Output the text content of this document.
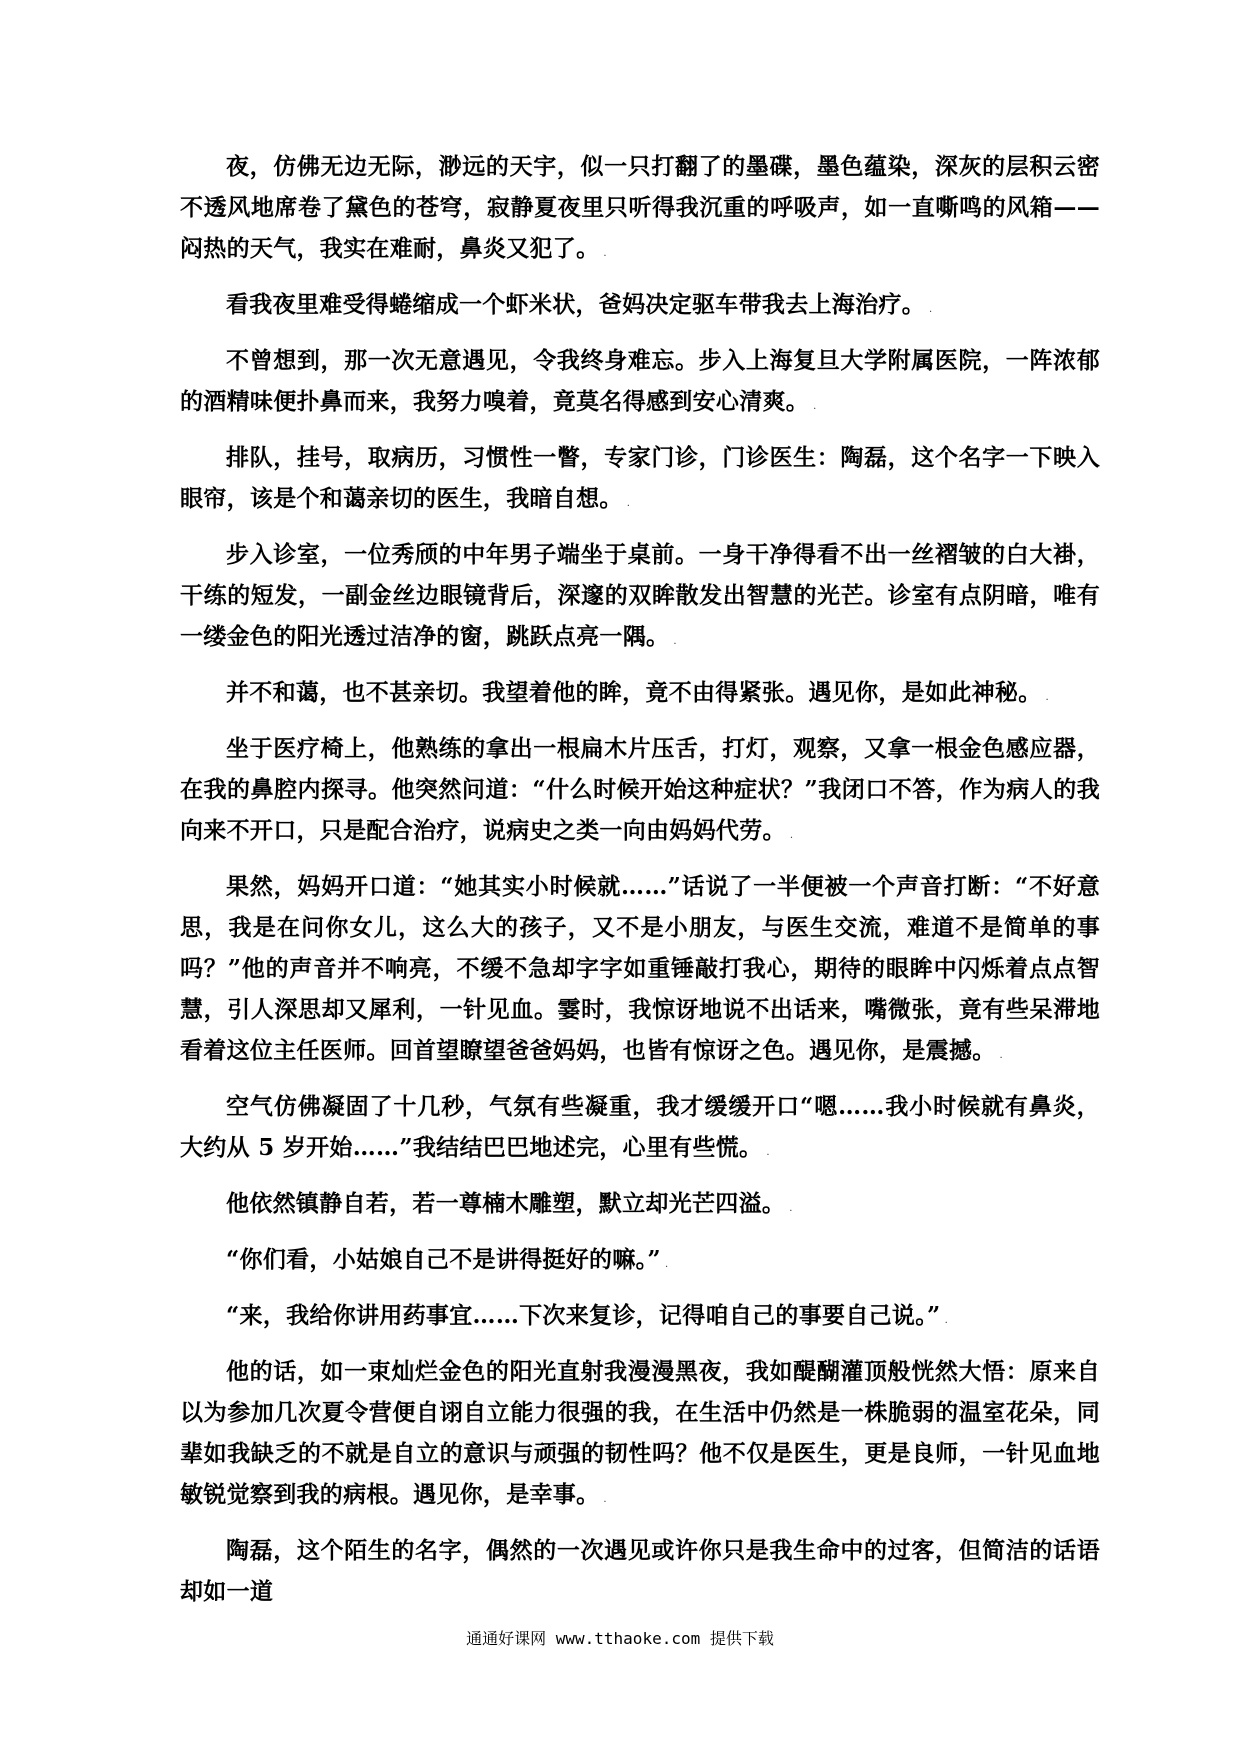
夜，仿佛无边无际，渺远的天宇，似一只打翻了的墨碟，墨色蕴染，深灰的层积云密不透风地席卷了黛色的苍穹，寂静夏夜里只听得我沉重的呼吸声，如一直嘶鸣的风箱——闷热的天气，我实在难耐，鼻炎又犯了。 .

看我夜里难受得蜷缩成一个虾米状，爸妈决定驱车带我去上海治疗。 .

不曾想到，那一次无意遇见，令我终身难忘。步入上海复旦大学附属医院，一阵浓郁的酒精味便扑鼻而来，我努力嗅着，竟莫名得感到安心清爽。 .

排队，挂号，取病历，习惯性一瞥，专家门诊，门诊医生：陶磊，这个名字一下映入眼帘，该是个和蔼亲切的医生，我暗自想。 .

步入诊室，一位秀颀的中年男子端坐于桌前。一身干净得看不出一丝褶皱的白大褂，干练的短发，一副金丝边眼镜背后，深邃的双眸散发出智慧的光芒。诊室有点阴暗，唯有一缕金色的阳光透过洁净的窗，跳跃点亮一隅。 .

并不和蔼，也不甚亲切。我望着他的眸，竟不由得紧张。遇见你，是如此神秘。 .

坐于医疗椅上，他熟练的拿出一根扁木片压舌，打灯，观察，又拿一根金色感应器，在我的鼻腔内探寻。他突然问道：“什么时候开始这种症状？”我闭口不答，作为病人的我向来不开口，只是配合治疗，说病史之类一向由妈妈代劳。 .

果然，妈妈开口道：“她其实小时候就……”话说了一半便被一个声音打断：“不好意思，我是在问你女儿，这么大的孩子，又不是小朋友，与医生交流，难道不是简单的事吗？”他的声音并不响亮，不缓不急却字字如重锤敲打我心，期待的眼眸中闪烁着点点智慧，引人深思却又犀利，一针见血。霎时，我惊讶地说不出话来，嘴微张，竟有些呆滞地看着这位主任医师。回首望瞭望爸爸妈妈，也皆有惊讶之色。遇见你，是震撼。 .

空气仿佛凝固了十几秒，气氛有些凝重，我才缓缓开口“嗯……我小时候就有鼻炎，大约从 5 岁开始……”我结结巴巴地述完，心里有些慌。 .

他依然镇静自若，若一尊楠木雕塑，默立却光芒四溢。 .

“你们看，小姑娘自己不是讲得挺好的嘛。” .

“来，我给你讲用药事宜……下次来复诊，记得咱自己的事要自己说。” .

他的话，如一束灿烂金色的阳光直射我漫漫黑夜，我如醍醐灌顶般恍然大悟：原来自以为参加几次夏令营便自诩自立能力很强的我，在生活中仍然是一株脆弱的温室花朵，同辈如我缺乏的不就是自立的意识与顽强的韧性吗？他不仅是医生，更是良师，一针见血地敏锐觉察到我的病根。遇见你，是幸事。 .

陶磊，这个陌生的名字，偶然的一次遇见或许你只是我生命中的过客，但简洁的话语却如一道

通通好课网 www.tthaoke.com 提供下载
